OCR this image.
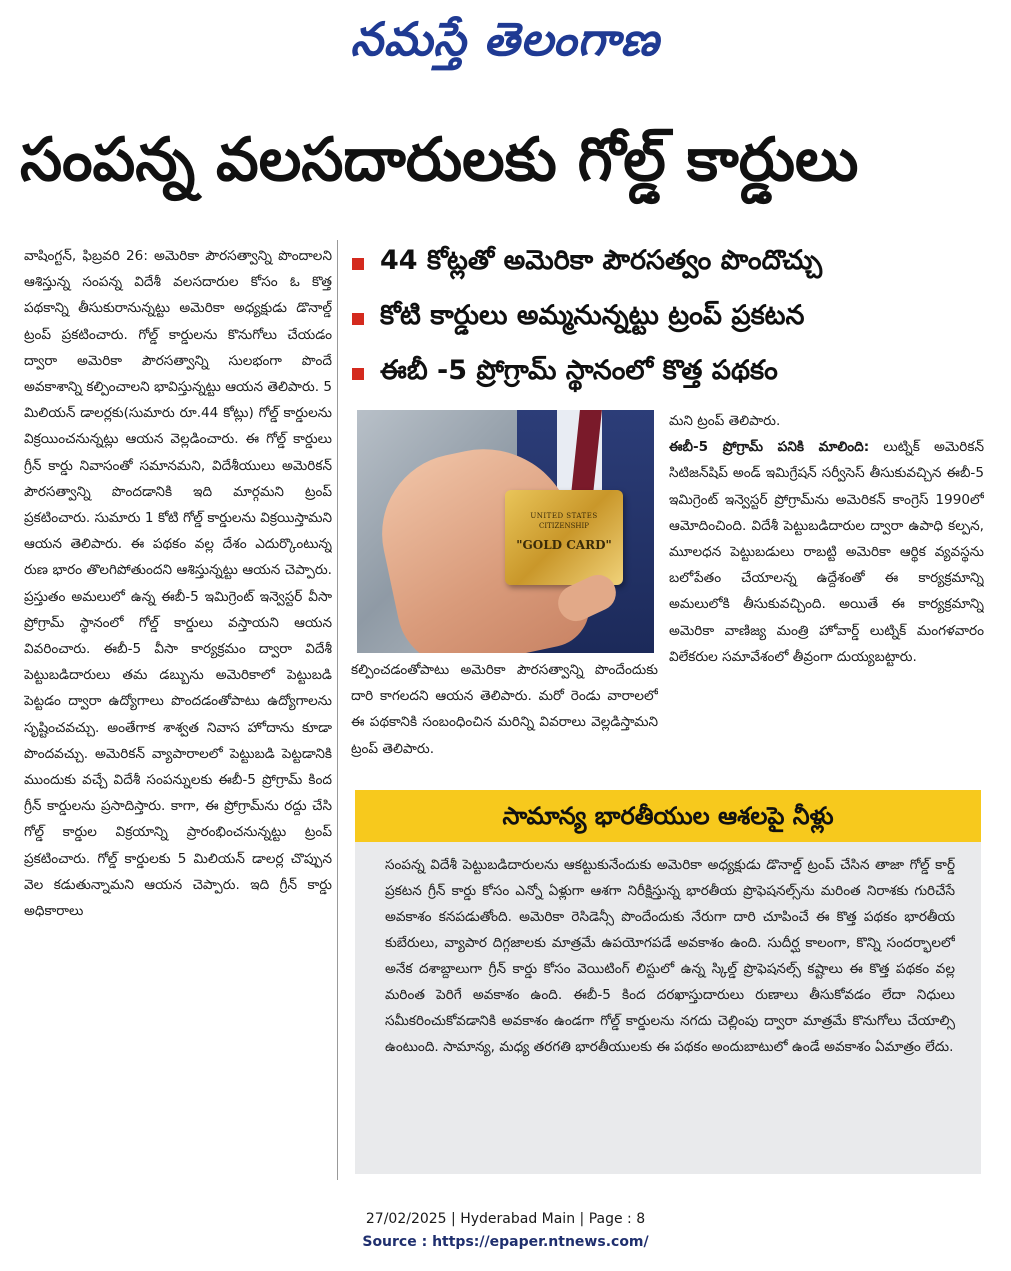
నమస్తే తెలంగాణ
సంపన్న వలసదారులకు గోల్డ్ కార్డులు
వాషింగ్టన్, ఫిబ్రవరి 26: అమెరికా పౌరసత్వాన్ని పొందాలని ఆశిస్తున్న సంపన్న విదేశీ వలసదారుల కోసం ఓ కొత్త పథకాన్ని తీసుకురానున్నట్టు అమెరికా అధ్యక్షుడు డొనాల్డ్ ట్రంప్ ప్రకటించారు. గోల్డ్ కార్డులను కొనుగోలు చేయడం ద్వారా అమెరికా పౌరసత్వాన్ని సులభంగా పొందే అవకాశాన్ని కల్పించాలని భావిస్తున్నట్టు ఆయన తెలిపారు. 5 మిలియన్ డాలర్లకు(సుమారు రూ.44 కోట్లు) గోల్డ్ కార్డులను విక్రయించనున్నట్లు ఆయన వెల్లడించారు. ఈ గోల్డ్ కార్డులు గ్రీన్ కార్డు నివాసంతో సమానమని, విదేశీయులు అమెరికన్ పౌరసత్వాన్ని పొందడానికి ఇది మార్గమని ట్రంప్ ప్రకటించారు. సుమారు 1 కోటి గోల్డ్ కార్డులను విక్రయిస్తామని ఆయన తెలిపారు. ఈ పథకం వల్ల దేశం ఎదుర్కొంటున్న రుణ భారం తొలగిపోతుందని ఆశిస్తున్నట్టు ఆయన చెప్పారు. ప్రస్తుతం అమలులో ఉన్న ఈబీ-5 ఇమిగ్రెంట్ ఇన్వెస్టర్ వీసా ప్రోగ్రామ్ స్థానంలో గోల్డ్ కార్డులు వస్తాయని ఆయన వివరించారు. ఈబీ-5 వీసా కార్యక్రమం ద్వారా విదేశీ పెట్టుబడిదారులు తమ డబ్బును అమెరికాలో పెట్టుబడి పెట్టడం ద్వారా ఉద్యోగాలు పొందడంతోపాటు ఉద్యోగాలను సృష్టించవచ్చు. అంతేగాక శాశ్వత నివాస హోదాను కూడా పొందవచ్చు. అమెరికన్ వ్యాపారాలలో పెట్టుబడి పెట్టడానికి ముందుకు వచ్చే విదేశీ సంపన్నులకు ఈబీ-5 ప్రోగ్రామ్ కింద గ్రీన్ కార్డులను ప్రసాదిస్తారు. కాగా, ఈ ప్రోగ్రామ్‌ను రద్దు చేసి గోల్డ్ కార్డుల విక్రయాన్ని ప్రారంభించనున్నట్టు ట్రంప్ ప్రకటించారు. గోల్డ్ కార్డులకు 5 మిలియన్ డాలర్ల చొప్పున వెల కడుతున్నామని ఆయన చెప్పారు. ఇది గ్రీన్ కార్డు అధికారాలు
44 కోట్లతో అమెరికా పౌరసత్వం పొందొచ్చు
కోటి కార్డులు అమ్మనున్నట్టు ట్రంప్ ప్రకటన
ఈబీ -5 ప్రోగ్రామ్ స్థానంలో కొత్త పథకం
UNITED STATES
CITIZENSHIP
"GOLD CARD"
కల్పించడంతోపాటు అమెరికా పౌరసత్వాన్ని పొందేందుకు దారి కాగలదని ఆయన తెలిపారు. మరో రెండు వారాలలో ఈ పథకానికి సంబంధించిన మరిన్ని వివరాలు వెల్లడిస్తామని ట్రంప్ తెలిపారు.
మని ట్రంప్ తెలిపారు.
ఈబీ-5 ప్రోగ్రామ్ పనికి మాలింది: లుట్నిక్ అమెరికన్ సిటిజన్‌షిప్ అండ్ ఇమిగ్రేషన్ సర్వీసెస్ తీసుకువచ్చిన ఈబీ-5 ఇమిగ్రెంట్ ఇన్వెస్టర్ ప్రోగ్రామ్‌ను అమెరికన్ కాంగ్రెస్ 1990లో ఆమోదించింది. విదేశీ పెట్టుబడిదారుల ద్వారా ఉపాధి కల్పన, మూలధన పెట్టుబడులు రాబట్టి అమెరికా ఆర్థిక వ్యవస్థను బలోపేతం చేయాలన్న ఉద్దేశంతో ఈ కార్యక్రమాన్ని అమలులోకి తీసుకువచ్చింది. అయితే ఈ కార్యక్రమాన్ని అమెరికా వాణిజ్య మంత్రి హోవార్డ్ లుట్నిక్ మంగళవారం విలేకరుల సమావేశంలో తీవ్రంగా దుయ్యబట్టారు.
సామాన్య భారతీయుల ఆశలపై నీళ్లు
సంపన్న విదేశీ పెట్టుబడిదారులను ఆకట్టుకునేందుకు అమెరికా అధ్యక్షుడు డొనాల్డ్ ట్రంప్ చేసిన తాజా గోల్డ్ కార్డ్ ప్రకటన గ్రీన్ కార్డు కోసం ఎన్నో ఏళ్లుగా ఆశగా నిరీక్షిస్తున్న భారతీయ ప్రొఫెషనల్స్‌ను మరింత నిరాశకు గురిచేసే అవకాశం కనపడుతోంది. అమెరికా రెసిడెన్సీ పొందేందుకు నేరుగా దారి చూపించే ఈ కొత్త పథకం భారతీయ కుబేరులు, వ్యాపార దిగ్గజాలకు మాత్రమే ఉపయోగపడే అవకాశం ఉంది. సుదీర్ఘ కాలంగా, కొన్ని సందర్భాలలో అనేక దశాబ్దాలుగా గ్రీన్ కార్డు కోసం వెయిటింగ్ లిస్టులో ఉన్న స్కిల్డ్ ప్రొఫెషనల్స్ కష్టాలు ఈ కొత్త పథకం వల్ల మరింత పెరిగే అవకాశం ఉంది. ఈబీ-5 కింద దరఖాస్తుదారులు రుణాలు తీసుకోవడం లేదా నిధులు సమీకరించుకోవడానికి అవకాశం ఉండగా గోల్డ్ కార్డులను నగదు చెల్లింపు ద్వారా మాత్రమే కొనుగోలు చేయాల్సి ఉంటుంది. సామాన్య, మధ్య తరగతి భారతీయులకు ఈ పథకం అందుబాటులో ఉండే అవకాశం ఏమాత్రం లేదు.
27/02/2025 | Hyderabad Main | Page : 8
Source : https://epaper.ntnews.com/
